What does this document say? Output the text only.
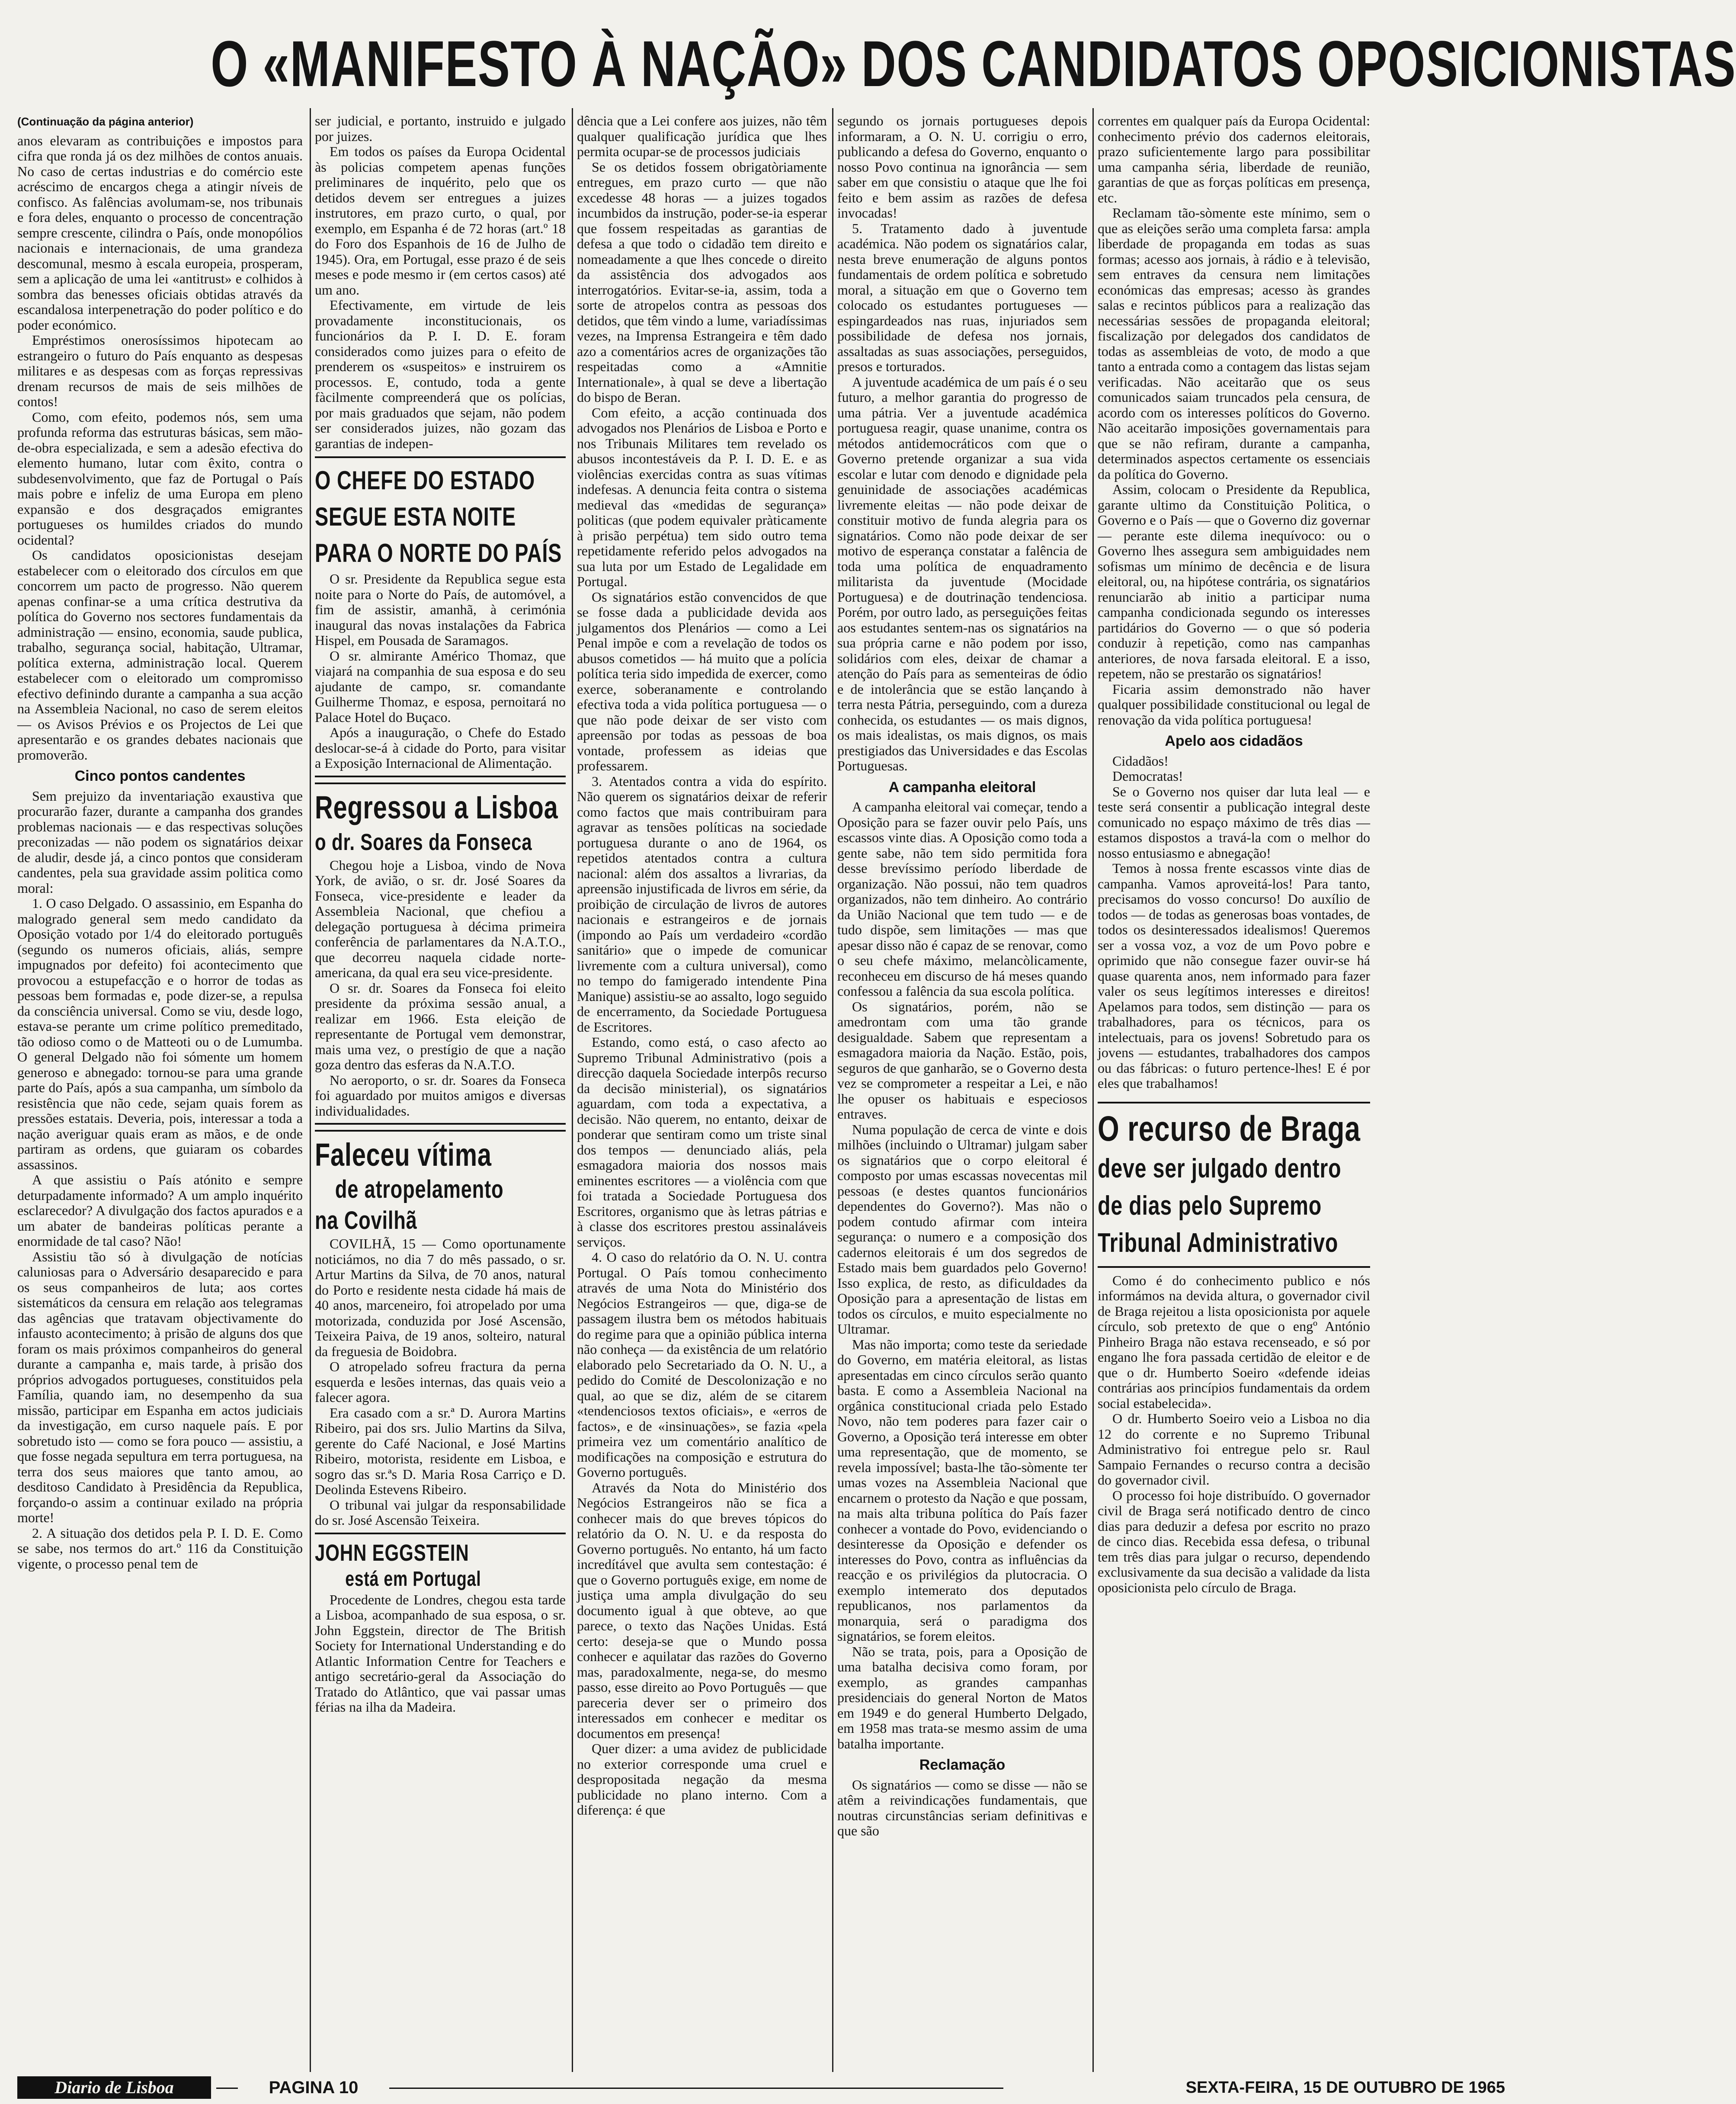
O «MANIFESTO À NAÇÃO» DOS CANDIDATOS OPOSICIONISTAS
(Continuação da página anterior)

anos elevaram as contribuições e impostos para cifra que ronda já os dez milhões de contos anuais. No caso de certas industrias e do comércio este acréscimo de encargos chega a atingir níveis de confisco. As falências avolumam-se, nos tribunais e fora deles, enquanto o processo de concentração sempre crescente, cilindra o País, onde monopólios nacionais e internacionais, de uma grandeza descomunal, mesmo à escala europeia, prosperam, sem a aplicação de uma lei «antitrust» e colhidos à sombra das benesses oficiais obtidas através da escandalosa interpenetração do poder político e do poder económico.

Empréstimos onerosíssimos hipotecam ao estrangeiro o futuro do País enquanto as despesas militares e as despesas com as forças repressivas drenam recursos de mais de seis milhões de contos!

Como, com efeito, podemos nós, sem uma profunda reforma das estruturas básicas, sem mão-de-obra especializada, e sem a adesão efectiva do elemento humano, lutar com êxito, contra o subdesenvolvimento, que faz de Portugal o País mais pobre e infeliz de uma Europa em pleno expansão e dos desgraçados emigrantes portugueses os humildes criados do mundo ocidental?

Os candidatos oposicionistas desejam estabelecer com o eleitorado dos círculos em que concorrem um pacto de progresso. Não querem apenas confinar-se a uma crítica destrutiva da política do Governo nos sectores fundamentais da administração — ensino, economia, saude publica, trabalho, segurança social, habitação, Ultramar, política externa, administração local. Querem estabelecer com o eleitorado um compromisso efectivo definindo durante a campanha a sua acção na Assembleia Nacional, no caso de serem eleitos — os Avisos Prévios e os Projectos de Lei que apresentarão e os grandes debates nacionais que promoverão.

Cinco pontos candentes

Sem prejuizo da inventariação exaustiva que procurarão fazer, durante a campanha dos grandes problemas nacionais — e das respectivas soluções preconizadas — não podem os signatários deixar de aludir, desde já, a cinco pontos que consideram candentes, pela sua gravidade assim politica como moral:

1. O caso Delgado. O assassinio, em Espanha do malogrado general sem medo candidato da Oposição votado por 1/4 do eleitorado português (segundo os numeros oficiais, aliás, sempre impugnados por defeito) foi acontecimento que provocou a estupefacção e o horror de todas as pessoas bem formadas e, pode dizer-se, a repulsa da consciência universal. Como se viu, desde logo, estava-se perante um crime político premeditado, tão odioso como o de Matteoti ou o de Lumumba. O general Delgado não foi sómente um homem generoso e abnegado: tornou-se para uma grande parte do País, após a sua campanha, um símbolo da resistência que não cede, sejam quais forem as pressões estatais. Deveria, pois, interessar a toda a nação averiguar quais eram as mãos, e de onde partiram as ordens, que guiaram os cobardes assassinos.

A que assistiu o País atónito e sempre deturpadamente informado? A um amplo inquérito esclarecedor? A divulgação dos factos apurados e a um abater de bandeiras políticas perante a enormidade de tal caso? Não!

Assistiu tão só à divulgação de notícias caluniosas para o Adversário desaparecido e para os seus companheiros de luta; aos cortes sistemáticos da censura em relação aos telegramas das agências que tratavam objectivamente do infausto acontecimento; à prisão de alguns dos que foram os mais próximos companheiros do general durante a campanha e, mais tarde, à prisão dos próprios advogados portugueses, constituidos pela Família, quando iam, no desempenho da sua missão, participar em Espanha em actos judiciais da investigação, em curso naquele país. E por sobretudo isto — como se fora pouco — assistiu, a que fosse negada sepultura em terra portuguesa, na terra dos seus maiores que tanto amou, ao desditoso Candidato à Presidência da Republica, forçando-o assim a continuar exilado na própria morte!

2. A situação dos detidos pela P. I. D. E. Como se sabe, nos termos do art.º 116 da Constituição vigente, o processo penal tem de

ser judicial, e portanto, instruido e julgado por juizes.

Em todos os países da Europa Ocidental às policias competem apenas funções preliminares de inquérito, pelo que os detidos devem ser entregues a juizes instrutores, em prazo curto, o qual, por exemplo, em Espanha é de 72 horas (art.º 18 do Foro dos Espanhois de 16 de Julho de 1945). Ora, em Portugal, esse prazo é de seis meses e pode mesmo ir (em certos casos) até um ano.

Efectivamente, em virtude de leis provadamente inconstitucionais, os funcionários da P. I. D. E. foram considerados como juizes para o efeito de prenderem os «suspeitos» e instruirem os processos. E, contudo, toda a gente fàcilmente compreenderá que os polícias, por mais graduados que sejam, não podem ser considerados juizes, não gozam das garantias de indepen-

O CHEFE DO ESTADO
SEGUE ESTA NOITE
PARA O NORTE DO PAÍS

O sr. Presidente da Republica segue esta noite para o Norte do País, de automóvel, a fim de assistir, amanhã, à cerimónia inaugural das novas instalações da Fabrica Hispel, em Pousada de Saramagos.

O sr. almirante Américo Thomaz, que viajará na companhia de sua esposa e do seu ajudante de campo, sr. comandante Guilherme Thomaz, e esposa, pernoitará no Palace Hotel do Buçaco.

Após a inauguração, o Chefe do Estado deslocar-se-á à cidade do Porto, para visitar a Exposição Internacional de Alimentação.

Regressou a Lisboa
o dr. Soares da Fonseca

Chegou hoje a Lisboa, vindo de Nova York, de avião, o sr. dr. José Soares da Fonseca, vice-presidente e leader da Assembleia Nacional, que chefiou a delegação portuguesa à décima primeira conferência de parlamentares da N.A.T.O., que decorreu naquela cidade norte-americana, da qual era seu vice-presidente.

O sr. dr. Soares da Fonseca foi eleito presidente da próxima sessão anual, a realizar em 1966. Esta eleição de representante de Portugal vem demonstrar, mais uma vez, o prestígio de que a nação goza dentro das esferas da N.A.T.O.

No aeroporto, o sr. dr. Soares da Fonseca foi aguardado por muitos amigos e diversas individualidades.

Faleceu vítima
de atropelamento
na Covilhã

COVILHÃ, 15 — Como oportunamente noticiámos, no dia 7 do mês passado, o sr. Artur Martins da Silva, de 70 anos, natural do Porto e residente nesta cidade há mais de 40 anos, marceneiro, foi atropelado por uma motorizada, conduzida por José Ascensão, Teixeira Paiva, de 19 anos, solteiro, natural da freguesia de Boidobra.

O atropelado sofreu fractura da perna esquerda e lesões internas, das quais veio a falecer agora.

Era casado com a sr.ª D. Aurora Martins Ribeiro, pai dos srs. Julio Martins da Silva, gerente do Café Nacional, e José Martins Ribeiro, motorista, residente em Lisboa, e sogro das sr.ªs D. Maria Rosa Carriço e D. Deolinda Estevens Ribeiro.

O tribunal vai julgar da responsabilidade do sr. José Ascensão Teixeira.

JOHN EGGSTEIN
está em Portugal

Procedente de Londres, chegou esta tarde a Lisboa, acompanhado de sua esposa, o sr. John Eggstein, director de The British Society for International Understanding e do Atlantic Information Centre for Teachers e antigo secretário-geral da Associação do Tratado do Atlântico, que vai passar umas férias na ilha da Madeira.

dência que a Lei confere aos juizes, não têm qualquer qualificação jurídica que lhes permita ocupar-se de processos judiciais

Se os detidos fossem obrigatòriamente entregues, em prazo curto — que não excedesse 48 horas — a juizes togados incumbidos da instrução, poder-se-ia esperar que fossem respeitadas as garantias de defesa a que todo o cidadão tem direito e nomeadamente a que lhes concede o direito da assistência dos advogados aos interrogatórios. Evitar-se-ia, assim, toda a sorte de atropelos contra as pessoas dos detidos, que têm vindo a lume, variadíssimas vezes, na Imprensa Estrangeira e têm dado azo a comentários acres de organizações tão respeitadas como a «Amnitie Internationale», à qual se deve a libertação do bispo de Beran.

Com efeito, a acção continuada dos advogados nos Plenários de Lisboa e Porto e nos Tribunais Militares tem revelado os abusos incontestáveis da P. I. D. E. e as violências exercidas contra as suas vítimas indefesas. A denuncia feita contra o sistema medieval das «medidas de segurança» politicas (que podem equivaler pràticamente à prisão perpétua) tem sido outro tema repetidamente referido pelos advogados na sua luta por um Estado de Legalidade em Portugal.

Os signatários estão convencidos de que se fosse dada a publicidade devida aos julgamentos dos Plenários — como a Lei Penal impõe e com a revelação de todos os abusos cometidos — há muito que a polícia política teria sido impedida de exercer, como exerce, soberanamente e controlando efectiva toda a vida política portuguesa — o que não pode deixar de ser visto com apreensão por todas as pessoas de boa vontade, professem as ideias que professarem.

3. Atentados contra a vida do espírito. Não querem os signatários deixar de referir como factos que mais contribuiram para agravar as tensões políticas na sociedade portuguesa durante o ano de 1964, os repetidos atentados contra a cultura nacional: além dos assaltos a livrarias, da apreensão injustificada de livros em série, da proibição de circulação de livros de autores nacionais e estrangeiros e de jornais (impondo ao País um verdadeiro «cordão sanitário» que o impede de comunicar livremente com a cultura universal), como no tempo do famigerado intendente Pina Manique) assistiu-se ao assalto, logo seguido de encerramento, da Sociedade Portuguesa de Escritores.

Estando, como está, o caso afecto ao Supremo Tribunal Administrativo (pois a direcção daquela Sociedade interpôs recurso da decisão ministerial), os signatários aguardam, com toda a expectativa, a decisão. Não querem, no entanto, deixar de ponderar que sentiram como um triste sinal dos tempos — denunciado aliás, pela esmagadora maioria dos nossos mais eminentes escritores — a violência com que foi tratada a Sociedade Portuguesa dos Escritores, organismo que às letras pátrias e à classe dos escritores prestou assinaláveis serviços.

4. O caso do relatório da O. N. U. contra Portugal. O País tomou conhecimento através de uma Nota do Ministério dos Negócios Estrangeiros — que, diga-se de passagem ilustra bem os métodos habituais do regime para que a opinião pública interna não conheça — da existência de um relatório elaborado pelo Secretariado da O. N. U., a pedido do Comité de Descolonização e no qual, ao que se diz, além de se citarem «tendenciosos textos oficiais», e «erros de factos», e de «insinuações», se fazia «pela primeira vez um comentário analítico de modificações na composição e estrutura do Governo português.

Através da Nota do Ministério dos Negócios Estrangeiros não se fica a conhecer mais do que breves tópicos do relatório da O. N. U. e da resposta do Governo português. No entanto, há um facto incredítável que avulta sem contestação: é que o Governo português exige, em nome de justiça uma ampla divulgação do seu documento igual à que obteve, ao que parece, o texto das Nações Unidas. Está certo: deseja-se que o Mundo possa conhecer e aquilatar das razões do Governo mas, paradoxalmente, nega-se, do mesmo passo, esse direito ao Povo Português — que pareceria dever ser o primeiro dos interessados em conhecer e meditar os documentos em presença!

Quer dizer: a uma avidez de publicidade no exterior corresponde uma cruel e despropositada negação da mesma publicidade no plano interno. Com a diferença: é que

segundo os jornais portugueses depois informaram, a O. N. U. corrigiu o erro, publicando a defesa do Governo, enquanto o nosso Povo continua na ignorância — sem saber em que consistiu o ataque que lhe foi feito e bem assim as razões de defesa invocadas!

5. Tratamento dado à juventude académica. Não podem os signatários calar, nesta breve enumeração de alguns pontos fundamentais de ordem política e sobretudo moral, a situação em que o Governo tem colocado os estudantes portugueses — espingardeados nas ruas, injuriados sem possibilidade de defesa nos jornais, assaltadas as suas associações, perseguidos, presos e torturados.

A juventude académica de um país é o seu futuro, a melhor garantia do progresso de uma pátria. Ver a juventude académica portuguesa reagir, quase unanime, contra os métodos antidemocráticos com que o Governo pretende organizar a sua vida escolar e lutar com denodo e dignidade pela genuinidade de associações académicas livremente eleitas — não pode deixar de constituir motivo de funda alegria para os signatários. Como não pode deixar de ser motivo de esperança constatar a falência de toda uma política de enquadramento militarista da juventude (Mocidade Portuguesa) e de doutrinação tendenciosa. Porém, por outro lado, as perseguições feitas aos estudantes sentem-nas os signatários na sua própria carne e não podem por isso, solidários com eles, deixar de chamar a atenção do País para as sementeiras de ódio e de intolerância que se estão lançando à terra nesta Pátria, perseguindo, com a dureza conhecida, os estudantes — os mais dignos, os mais idealistas, os mais dignos, os mais prestigiados das Universidades e das Escolas Portuguesas.

A campanha eleitoral

A campanha eleitoral vai começar, tendo a Oposição para se fazer ouvir pelo País, uns escassos vinte dias. A Oposição como toda a gente sabe, não tem sido permitida fora desse brevíssimo período liberdade de organização. Não possui, não tem quadros organizados, não tem dinheiro. Ao contrário da União Nacional que tem tudo — e de tudo dispõe, sem limitações — mas que apesar disso não é capaz de se renovar, como o seu chefe máximo, melancòlicamente, reconheceu em discurso de há meses quando confessou a falência da sua escola política.

Os signatários, porém, não se amedrontam com uma tão grande desigualdade. Sabem que representam a esmagadora maioria da Nação. Estão, pois, seguros de que ganharão, se o Governo desta vez se comprometer a respeitar a Lei, e não lhe opuser os habituais e especiosos entraves.

Numa população de cerca de vinte e dois milhões (incluindo o Ultramar) julgam saber os signatários que o corpo eleitoral é composto por umas escassas novecentas mil pessoas (e destes quantos funcionários dependentes do Governo?). Mas não o podem contudo afirmar com inteira segurança: o numero e a composição dos cadernos eleitorais é um dos segredos de Estado mais bem guardados pelo Governo! Isso explica, de resto, as dificuldades da Oposição para a apresentação de listas em todos os círculos, e muito especialmente no Ultramar.

Mas não importa; como teste da seriedade do Governo, em matéria eleitoral, as listas apresentadas em cinco círculos serão quanto basta. E como a Assembleia Nacional na orgânica constitucional criada pelo Estado Novo, não tem poderes para fazer cair o Governo, a Oposição terá interesse em obter uma representação, que de momento, se revela impossível; basta-lhe tão-sòmente ter umas vozes na Assembleia Nacional que encarnem o protesto da Nação e que possam, na mais alta tribuna política do País fazer conhecer a vontade do Povo, evidenciando o desinteresse da Oposição e defender os interesses do Povo, contra as influências da reacção e os privilégios da plutocracia. O exemplo intemerato dos deputados republicanos, nos parlamentos da monarquia, será o paradigma dos signatários, se forem eleitos.

Não se trata, pois, para a Oposição de uma batalha decisiva como foram, por exemplo, as grandes campanhas presidenciais do general Norton de Matos em 1949 e do general Humberto Delgado, em 1958 mas trata-se mesmo assim de uma batalha importante.

Reclamação

Os signatários — como se disse — não se atêm a reivindicações fundamentais, que noutras circunstâncias seriam definitivas e que são

correntes em qualquer país da Europa Ocidental: conhecimento prévio dos cadernos eleitorais, prazo suficientemente largo para possibilitar uma campanha séria, liberdade de reunião, garantias de que as forças políticas em presença, etc.

Reclamam tão-sòmente este mínimo, sem o que as eleições serão uma completa farsa: ampla liberdade de propaganda em todas as suas formas; acesso aos jornais, à rádio e à televisão, sem entraves da censura nem limitações económicas das empresas; acesso às grandes salas e recintos públicos para a realização das necessárias sessões de propaganda eleitoral; fiscalização por delegados dos candidatos de todas as assembleias de voto, de modo a que tanto a entrada como a contagem das listas sejam verificadas. Não aceitarão que os seus comunicados saiam truncados pela censura, de acordo com os interesses políticos do Governo. Não aceitarão imposições governamentais para que se não refiram, durante a campanha, determinados aspectos certamente os essenciais da política do Governo.

Assim, colocam o Presidente da Republica, garante ultimo da Constituição Politica, o Governo e o País — que o Governo diz governar — perante este dilema inequívoco: ou o Governo lhes assegura sem ambiguidades nem sofismas um mínimo de decência e de lisura eleitoral, ou, na hipótese contrária, os signatários renunciarão ab initio a participar numa campanha condicionada segundo os interesses partidários do Governo — o que só poderia conduzir à repetição, como nas campanhas anteriores, de nova farsada eleitoral. E a isso, repetem, não se prestarão os signatários!

Ficaria assim demonstrado não haver qualquer possibilidade constitucional ou legal de renovação da vida política portuguesa!

Apelo aos cidadãos

Cidadãos!

Democratas!

Se o Governo nos quiser dar luta leal — e teste será consentir a publicação integral deste comunicado no espaço máximo de três dias — estamos dispostos a travá-la com o melhor do nosso entusiasmo e abnegação!

Temos à nossa frente escassos vinte dias de campanha. Vamos aproveitá-los! Para tanto, precisamos do vosso concurso! Do auxílio de todos — de todas as generosas boas vontades, de todos os desinteressados idealismos! Queremos ser a vossa voz, a voz de um Povo pobre e oprimido que não consegue fazer ouvir-se há quase quarenta anos, nem informado para fazer valer os seus legítimos interesses e direitos! Apelamos para todos, sem distinção — para os trabalhadores, para os técnicos, para os intelectuais, para os jovens! Sobretudo para os jovens — estudantes, trabalhadores dos campos ou das fábricas: o futuro pertence-lhes! E é por eles que trabalhamos!

O recurso de Braga
deve ser julgado dentro
de dias pelo Supremo
Tribunal Administrativo

Como é do conhecimento publico e nós informámos na devida altura, o governador civil de Braga rejeitou a lista oposicionista por aquele círculo, sob pretexto de que o engº António Pinheiro Braga não estava recenseado, e só por engano lhe fora passada certidão de eleitor e de que o dr. Humberto Soeiro «defende ideias contrárias aos princípios fundamentais da ordem social estabelecida».

O dr. Humberto Soeiro veio a Lisboa no dia 12 do corrente e no Supremo Tribunal Administrativo foi entregue pelo sr. Raul Sampaio Fernandes o recurso contra a decisão do governador civil.

O processo foi hoje distribuído. O governador civil de Braga será notificado dentro de cinco dias para deduzir a defesa por escrito no prazo de cinco dias. Recebida essa defesa, o tribunal tem três dias para julgar o recurso, dependendo exclusivamente da sua decisão a validade da lista oposicionista pelo círculo de Braga.

Diario de Lisboa	PAGINA 10	SEXTA-FEIRA, 15 DE OUTUBRO DE 1965
